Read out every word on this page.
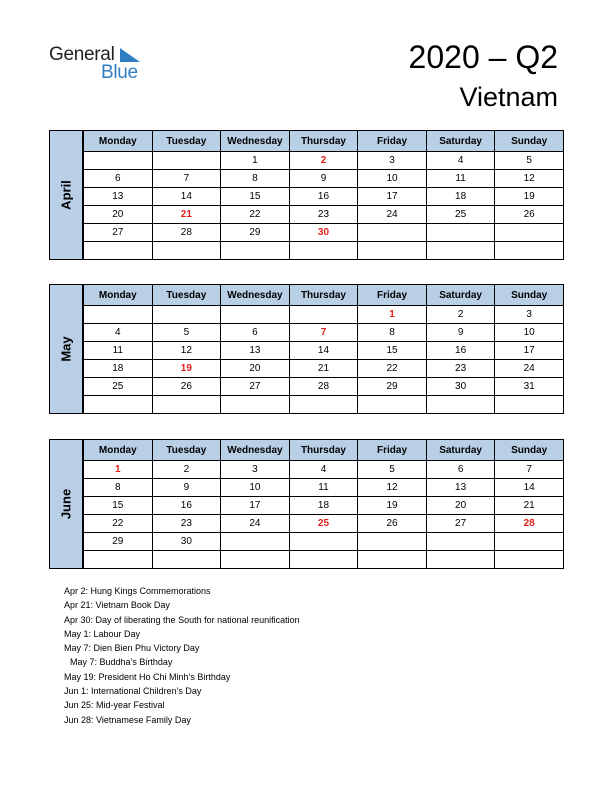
General
Blue	2020 – Q2
Vietnam
April
Monday	Tuesday	Wednesday	Thursday	Friday	Saturday	Sunday
		1	2	3	4	5
6	7	8	9	10	11	12
13	14	15	16	17	18	19
20	21	22	23	24	25	26
27	28	29	30			

May
Monday	Tuesday	Wednesday	Thursday	Friday	Saturday	Sunday
				1	2	3
4	5	6	7	8	9	10
11	12	13	14	15	16	17
18	19	20	21	22	23	24
25	26	27	28	29	30	31

June
Monday	Tuesday	Wednesday	Thursday	Friday	Saturday	Sunday
1	2	3	4	5	6	7
8	9	10	11	12	13	14
15	16	17	18	19	20	21
22	23	24	25	26	27	28
29	30					

Apr 2: Hung Kings Commemorations
Apr 21: Vietnam Book Day
Apr 30: Day of liberating the South for national reunification
May 1: Labour Day
May 7: Dien Bien Phu Victory Day
May 7: Buddha’s Birthday
May 19: President Ho Chi Minh’s Birthday
Jun 1: International Children’s Day
Jun 25: Mid-year Festival
Jun 28: Vietnamese Family Day
